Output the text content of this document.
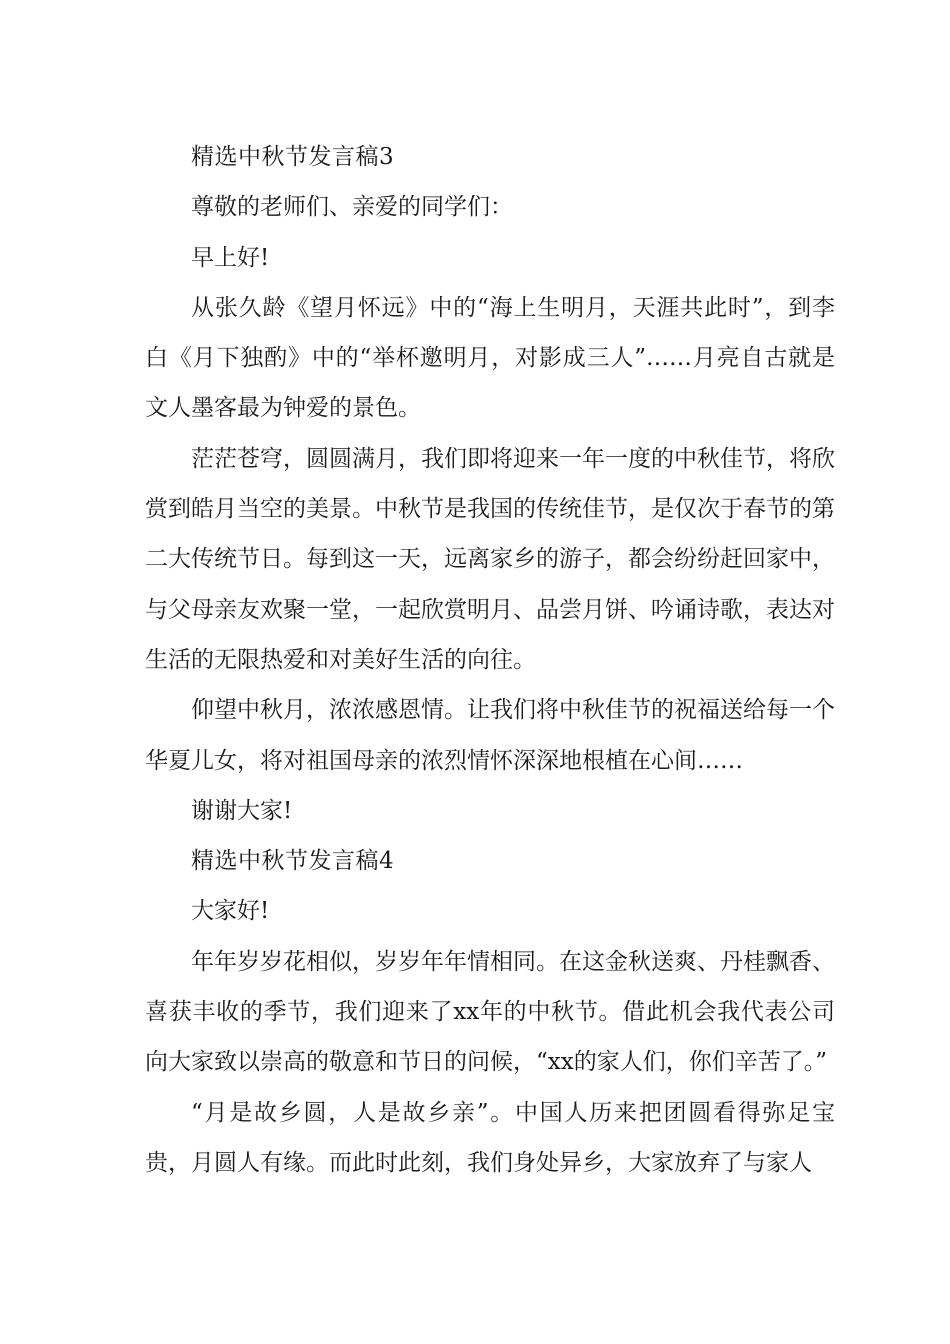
精选中秋节发言稿3

尊敬的老师们、亲爱的同学们：

早上好!

从张久龄《望月怀远》中的“海上生明月，天涯共此时”，到李白《月下独酌》中的“举杯邀明月，对影成三人”……月亮自古就是文人墨客最为钟爱的景色。

茫茫苍穹，圆圆满月，我们即将迎来一年一度的中秋佳节，将欣赏到皓月当空的美景。中秋节是我国的传统佳节，是仅次于春节的第二大传统节日。每到这一天，远离家乡的游子，都会纷纷赶回家中，与父母亲友欢聚一堂，一起欣赏明月、品尝月饼、吟诵诗歌，表达对生活的无限热爱和对美好生活的向往。

仰望中秋月，浓浓感恩情。让我们将中秋佳节的祝福送给每一个华夏儿女，将对祖国母亲的浓烈情怀深深地根植在心间……

谢谢大家!

精选中秋节发言稿4

大家好!

年年岁岁花相似，岁岁年年情相同。在这金秋送爽、丹桂飘香、喜获丰收的季节，我们迎来了xx年的中秋节。借此机会我代表公司向大家致以崇高的敬意和节日的问候，“xx的家人们，你们辛苦了。”

“月是故乡圆，人是故乡亲”。中国人历来把团圆看得弥足宝贵，月圆人有缘。而此时此刻，我们身处异乡，大家放弃了与家人
